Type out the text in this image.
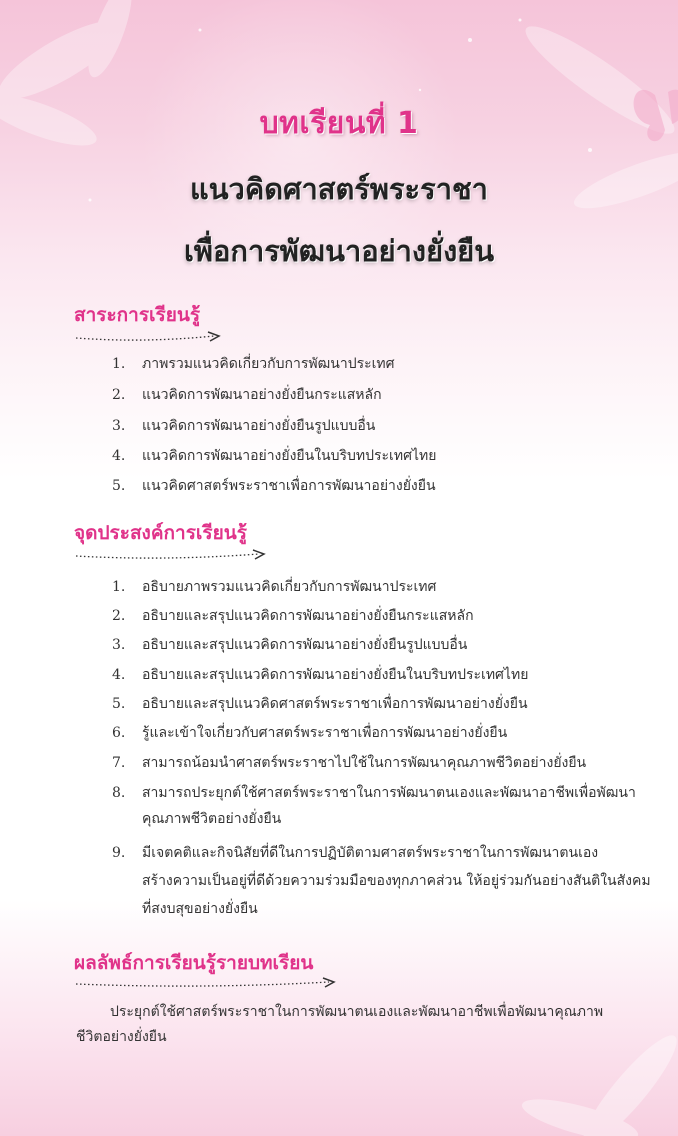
บทเรียนที่ 1
แนวคิดศาสตร์พระราชา
เพื่อการพัฒนาอย่างยั่งยืน
สาระการเรียนรู้
1.	ภาพรวมแนวคิดเกี่ยวกับการพัฒนาประเทศ
2.	แนวคิดการพัฒนาอย่างยั่งยืนกระแสหลัก
3.	แนวคิดการพัฒนาอย่างยั่งยืนรูปแบบอื่น
4.	แนวคิดการพัฒนาอย่างยั่งยืนในบริบทประเทศไทย
5.	แนวคิดศาสตร์พระราชาเพื่อการพัฒนาอย่างยั่งยืน
จุดประสงค์การเรียนรู้
1.	อธิบายภาพรวมแนวคิดเกี่ยวกับการพัฒนาประเทศ
2.	อธิบายและสรุปแนวคิดการพัฒนาอย่างยั่งยืนกระแสหลัก
3.	อธิบายและสรุปแนวคิดการพัฒนาอย่างยั่งยืนรูปแบบอื่น
4.	อธิบายและสรุปแนวคิดการพัฒนาอย่างยั่งยืนในบริบทประเทศไทย
5.	อธิบายและสรุปแนวคิดศาสตร์พระราชาเพื่อการพัฒนาอย่างยั่งยืน
6.	รู้และเข้าใจเกี่ยวกับศาสตร์พระราชาเพื่อการพัฒนาอย่างยั่งยืน
7.	สามารถน้อมนำศาสตร์พระราชาไปใช้ในการพัฒนาคุณภาพชีวิตอย่างยั่งยืน
8.	สามารถประยุกต์ใช้ศาสตร์พระราชาในการพัฒนาตนเองและพัฒนาอาชีพเพื่อพัฒนา
คุณภาพชีวิตอย่างยั่งยืน
9.	มีเจตคติและกิจนิสัยที่ดีในการปฏิบัติตามศาสตร์พระราชาในการพัฒนาตนเอง
สร้างความเป็นอยู่ที่ดีด้วยความร่วมมือของทุกภาคส่วน ให้อยู่ร่วมกันอย่างสันติในสังคม
ที่สงบสุขอย่างยั่งยืน
ผลลัพธ์การเรียนรู้รายบทเรียน
ประยุกต์ใช้ศาสตร์พระราชาในการพัฒนาตนเองและพัฒนาอาชีพเพื่อพัฒนาคุณภาพชีวิตอย่างยั่งยืน
